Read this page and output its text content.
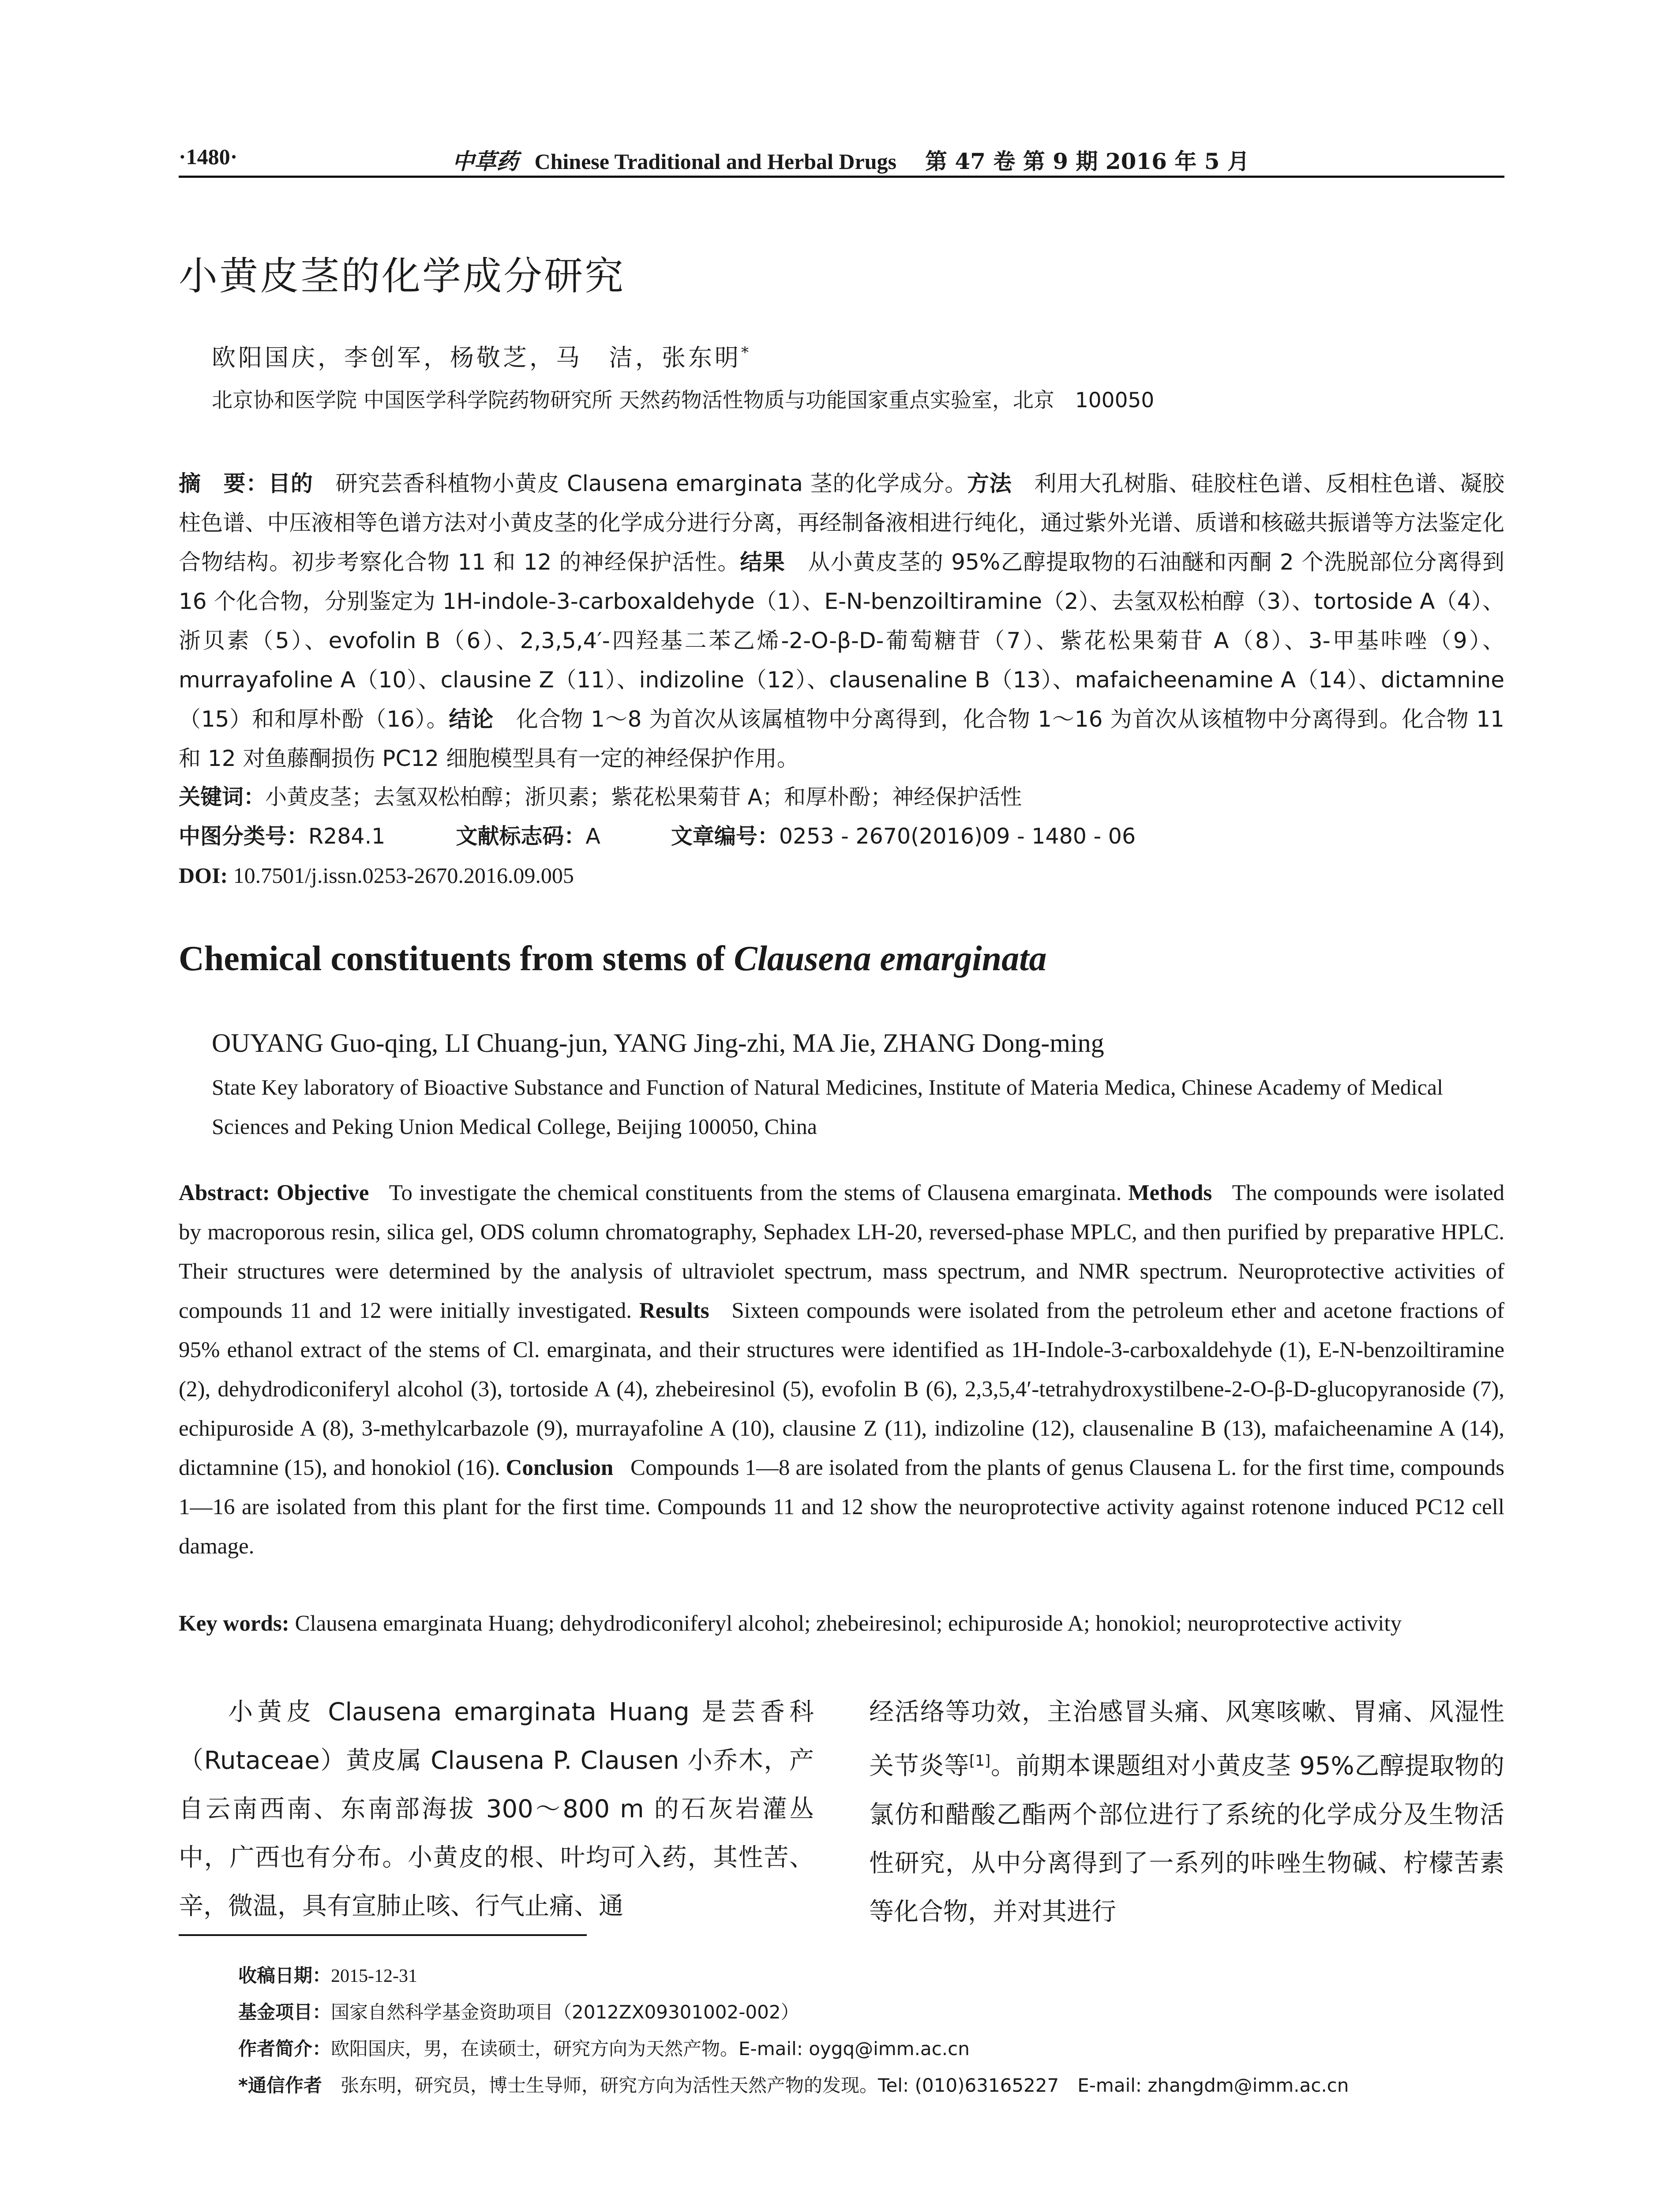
·1480·	中草药 Chinese Traditional and Herbal Drugs 第 47 卷 第 9 期 2016 年 5 月
小黄皮茎的化学成分研究
欧阳国庆，李创军，杨敬芝，马　洁，张东明*
北京协和医学院 中国医学科学院药物研究所 天然药物活性物质与功能国家重点实验室，北京　100050
摘　要：目的　 研究芸香科植物小黄皮 Clausena emarginata 茎的化学成分。方法　 利用大孔树脂、硅胶柱色谱、反相柱色谱、凝胶柱色谱、中压液相等色谱方法对小黄皮茎的化学成分进行分离，再经制备液相进行纯化，通过紫外光谱、质谱和核磁共振谱等方法鉴定化合物结构。初步考察化合物 11 和 12 的神经保护活性。结果　 从小黄皮茎的 95%乙醇提取物的石油醚和丙酮 2 个洗脱部位分离得到 16 个化合物，分别鉴定为 1H-indole-3-carboxaldehyde（1）、E-N-benzoiltiramine（2）、去氢双松柏醇（3）、tortoside A（4）、浙贝素（5）、evofolin B（6）、2,3,5,4′-四羟基二苯乙烯-2-O-β-D-葡萄糖苷（7）、紫花松果菊苷 A（8）、3-甲基咔唑（9）、murrayafoline A（10）、clausine Z（11）、indizoline（12）、clausenaline B（13）、mafaicheenamine A（14）、dictamnine（15）和和厚朴酚（16）。结论　 化合物 1～8 为首次从该属植物中分离得到，化合物 1～16 为首次从该植物中分离得到。化合物 11 和 12 对鱼藤酮损伤 PC12 细胞模型具有一定的神经保护作用。
关键词：小黄皮茎；去氢双松柏醇；浙贝素；紫花松果菊苷 A；和厚朴酚；神经保护活性
中图分类号：R284.1	文献标志码：A	文章编号：0253 - 2670(2016)09 - 1480 - 06
DOI: 10.7501/j.issn.0253-2670.2016.09.005
Chemical constituents from stems of Clausena emarginata
OUYANG Guo-qing, LI Chuang-jun, YANG Jing-zhi, MA Jie, ZHANG Dong-ming
State Key laboratory of Bioactive Substance and Function of Natural Medicines, Institute of Materia Medica, Chinese Academy of Medical Sciences and Peking Union Medical College, Beijing 100050, China
Abstract: Objective To investigate the chemical constituents from the stems of Clausena emarginata. Methods The compounds were isolated by macroporous resin, silica gel, ODS column chromatography, Sephadex LH-20, reversed-phase MPLC, and then purified by preparative HPLC. Their structures were determined by the analysis of ultraviolet spectrum, mass spectrum, and NMR spectrum. Neuroprotective activities of compounds 11 and 12 were initially investigated. Results Sixteen compounds were isolated from the petroleum ether and acetone fractions of 95% ethanol extract of the stems of Cl. emarginata, and their structures were identified as 1H-Indole-3-carboxaldehyde (1), E-N-benzoiltiramine (2), dehydrodiconiferyl alcohol (3), tortoside A (4), zhebeiresinol (5), evofolin B (6), 2,3,5,4′-tetrahydroxystilbene-2-O-β-D-glucopyranoside (7), echipuroside A (8), 3-methylcarbazole (9), murrayafoline A (10), clausine Z (11), indizoline (12), clausenaline B (13), mafaicheenamine A (14), dictamnine (15), and honokiol (16). Conclusion Compounds 1—8 are isolated from the plants of genus Clausena L. for the first time, compounds 1—16 are isolated from this plant for the first time. Compounds 11 and 12 show the neuroprotective activity against rotenone induced PC12 cell damage.
Key words: Clausena emarginata Huang; dehydrodiconiferyl alcohol; zhebeiresinol; echipuroside A; honokiol; neuroprotective activity
小黄皮 Clausena emarginata Huang 是芸香科（Rutaceae）黄皮属 Clausena P. Clausen 小乔木，产自云南西南、东南部海拔 300～800 m 的石灰岩灌丛中，广西也有分布。小黄皮的根、叶均可入药，其性苦、辛，微温，具有宣肺止咳、行气止痛、通
经活络等功效，主治感冒头痛、风寒咳嗽、胃痛、风湿性关节炎等[1]。前期本课题组对小黄皮茎 95%乙醇提取物的氯仿和醋酸乙酯两个部位进行了系统的化学成分及生物活性研究，从中分离得到了一系列的咔唑生物碱、柠檬苦素等化合物，并对其进行
收稿日期：2015-12-31
基金项目：国家自然科学基金资助项目（2012ZX09301002-002）
作者简介：欧阳国庆，男，在读硕士，研究方向为天然产物。E-mail: oygq@imm.ac.cn
*通信作者　 张东明，研究员，博士生导师，研究方向为活性天然产物的发现。Tel: (010)63165227　E-mail: zhangdm@imm.ac.cn
